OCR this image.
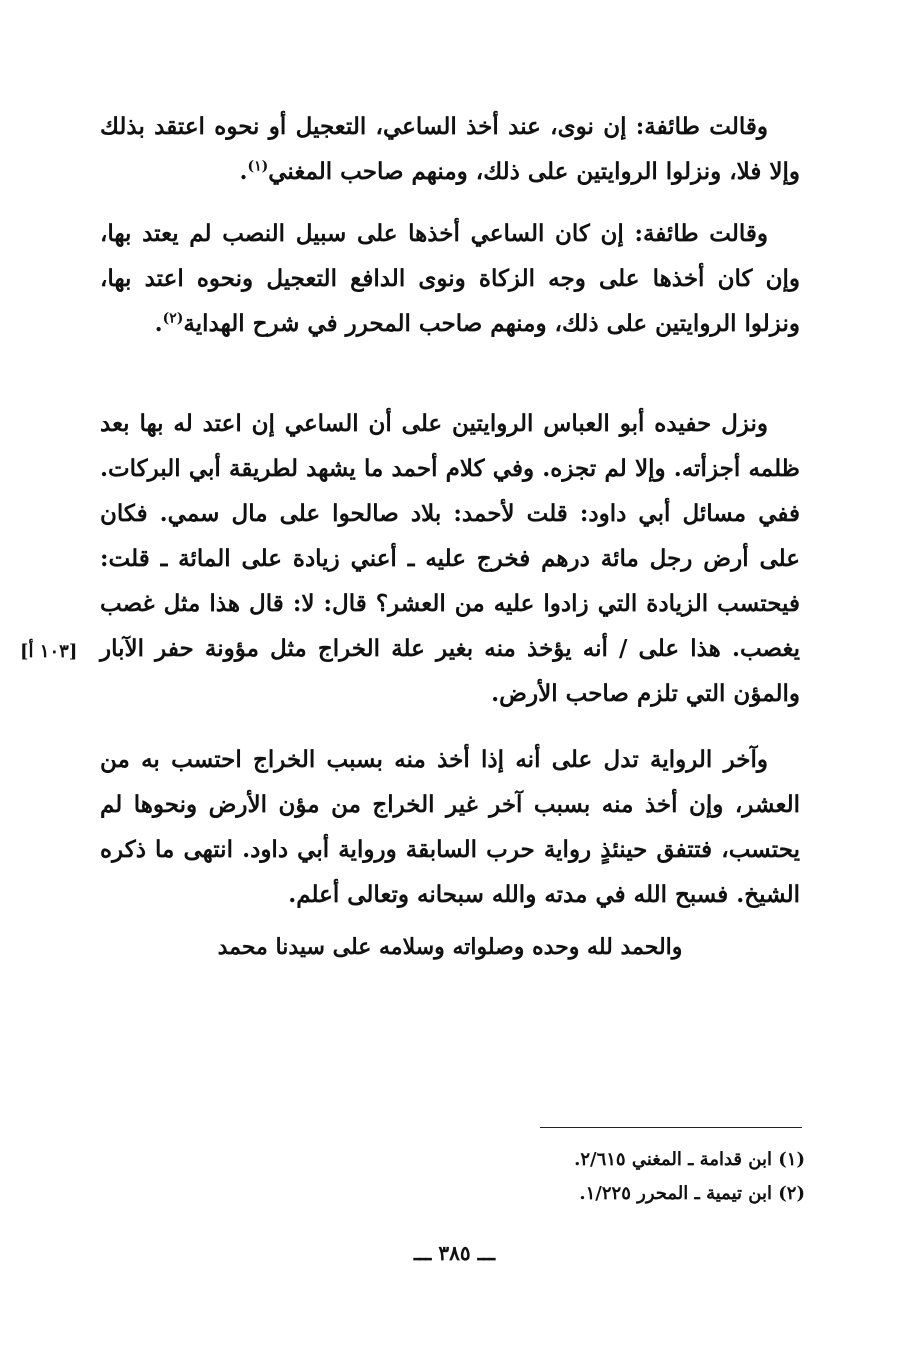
وقالت طائفة: إن نوى، عند أخذ الساعي، التعجيل أو نحوه اعتقد بذلك وإلا فلا، ونزلوا الروايتين على ذلك، ومنهم صاحب المغني$^{(١)}$.

وقالت طائفة: إن كان الساعي أخذها على سبيل النصب لم يعتد بها، وإن كان أخذها على وجه الزكاة ونوى الدافع التعجيل ونحوه اعتد بها، ونزلوا الروايتين على ذلك، ومنهم صاحب المحرر في شرح الهداية$^{(٢)}$.

ونزل حفيده أبو العباس الروايتين على أن الساعي إن اعتد له بها بعد ظلمه أجزأته. وإلا لم تجزه. وفي كلام أحمد ما يشهد لطريقة أبي البركات. ففي مسائل أبي داود: قلت لأحمد: بلاد صالحوا على مال سمي. فكان على أرض رجل مائة درهم فخرج عليه ـ أعني زيادة على المائة ـ قلت: فيحتسب الزيادة التي زادوا عليه من العشر؟ قال: لا: قال هذا مثل غصب يغصب. هذا على / أنه يؤخذ منه بغير علة الخراج مثل مؤونة حفر الآبار والمؤن التي تلزم صاحب الأرض.

[١٠٣ أ]

وآخر الرواية تدل على أنه إذا أخذ منه بسبب الخراج احتسب به من العشر، وإن أخذ منه بسبب آخر غير الخراج من مؤن الأرض ونحوها لم يحتسب، فتتفق حينئذٍ رواية حرب السابقة ورواية أبي داود. انتهى ما ذكره الشيخ. فسبح الله في مدته والله سبحانه وتعالى أعلم.

والحمد لله وحده وصلواته وسلامه على سيدنا محمد

(١) ابن قدامة ـ المغني ٢/٦١٥.

(٢) ابن تيمية ـ المحرر ١/٢٢٥.

ـــ ٣٨٥ ـــ
